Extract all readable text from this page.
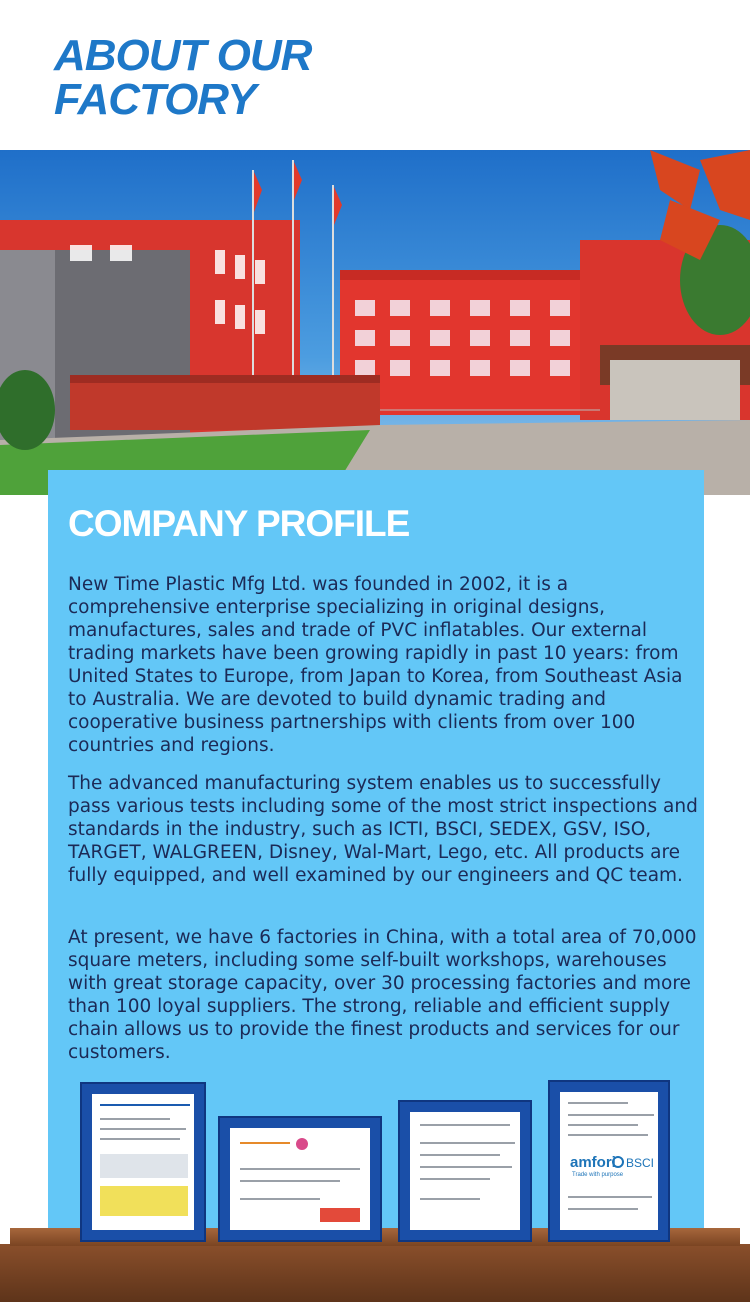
ABOUT OUR
FACTORY
COMPANY PROFILE

New Time Plastic Mfg Ltd. was founded in 2002, it is a comprehensive enterprise specializing in original designs, manufactures, sales and trade of PVC inflatables. Our external trading markets have been growing rapidly in past 10 years: from United States to Europe, from Japan to Korea, from Southeast Asia to Australia. We are devoted to build dynamic trading and cooperative business partnerships with clients from over 100 countries and regions.

The advanced manufacturing system enables us to successfully pass various tests including some of the most strict inspections and standards in the industry, such as ICTI, BSCI, SEDEX, GSV, ISO, TARGET, WALGREEN, Disney, Wal-Mart, Lego, etc. All products are fully equipped, and well examined by our engineers and QC team.

At present, we have 6 factories in China, with a total area of 70,000 square meters, including some self-built workshops, warehouses with great storage capacity, over 30 processing factories and more than 100 loyal suppliers. The strong, reliable and efficient supply chain allows us to provide the finest products and services for our customers.

amfori
Trade with purpose
BSCI
